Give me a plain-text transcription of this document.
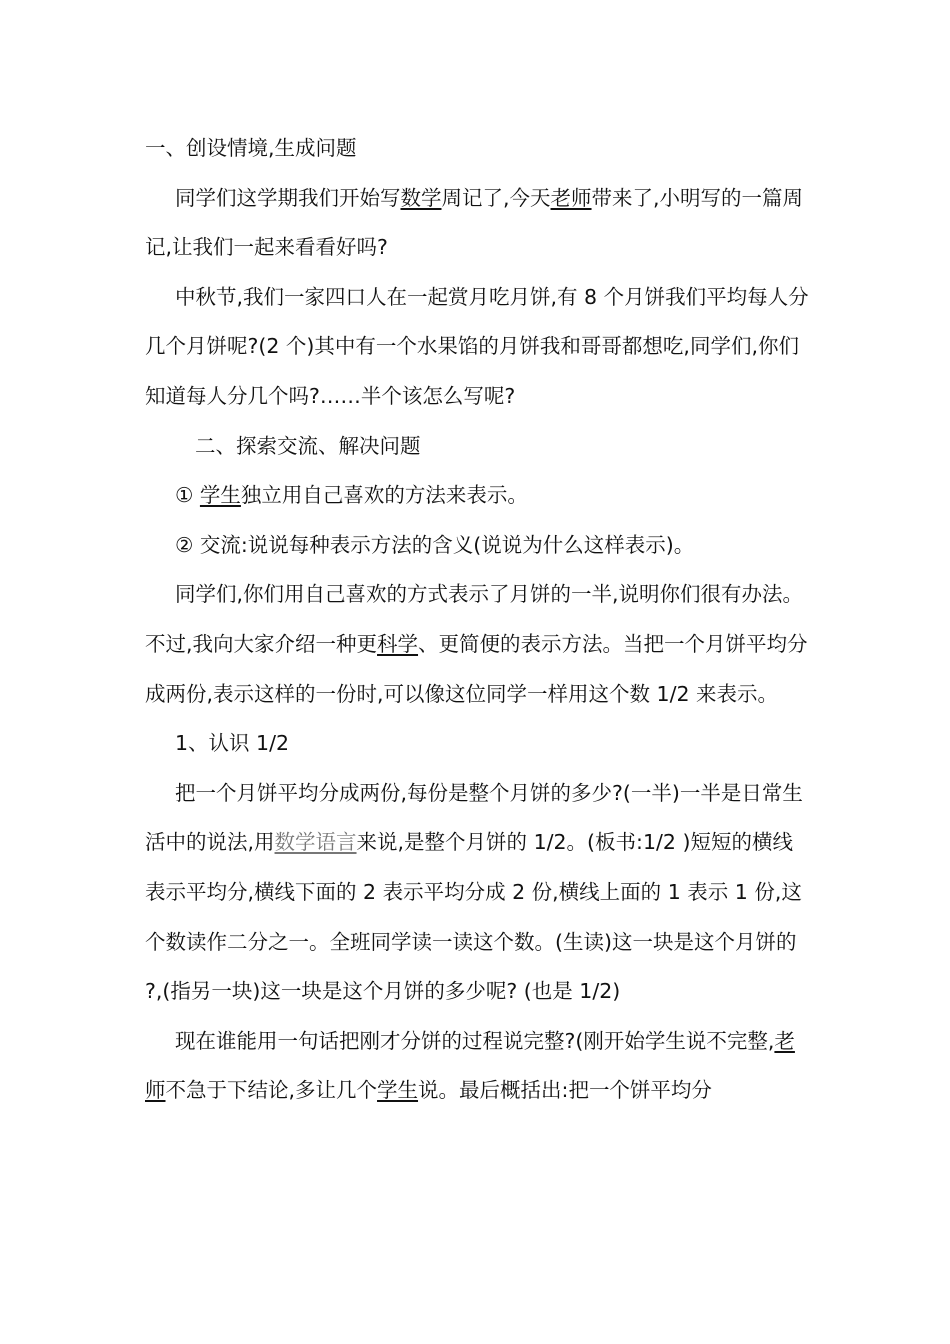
一、创设情境,生成问题

同学们这学期我们开始写数学周记了,今天老师带来了,小明写的一篇周记,让我们一起来看看好吗?

中秋节,我们一家四口人在一起赏月吃月饼,有 8 个月饼我们平均每人分几个月饼呢?(2 个)其中有一个水果馅的月饼我和哥哥都想吃,同学们,你们知道每人分几个吗?……半个该怎么写呢?

二、探索交流、解决问题

① 学生独立用自己喜欢的方法来表示。

② 交流:说说每种表示方法的含义(说说为什么这样表示)。

同学们,你们用自己喜欢的方式表示了月饼的一半,说明你们很有办法。不过,我向大家介绍一种更科学、更简便的表示方法。当把一个月饼平均分成两份,表示这样的一份时,可以像这位同学一样用这个数 1/2 来表示。

1、认识 1/2

把一个月饼平均分成两份,每份是整个月饼的多少?(一半)一半是日常生活中的说法,用数学语言来说,是整个月饼的 1/2。(板书:1/2 )短短的横线表示平均分,横线下面的 2 表示平均分成 2 份,横线上面的 1 表示 1 份,这个数读作二分之一。全班同学读一读这个数。(生读)这一块是这个月饼的 ?,(指另一块)这一块是这个月饼的多少呢? (也是 1/2)

现在谁能用一句话把刚才分饼的过程说完整?(刚开始学生说不完整,老师不急于下结论,多让几个学生说。最后概括出:把一个饼平均分
